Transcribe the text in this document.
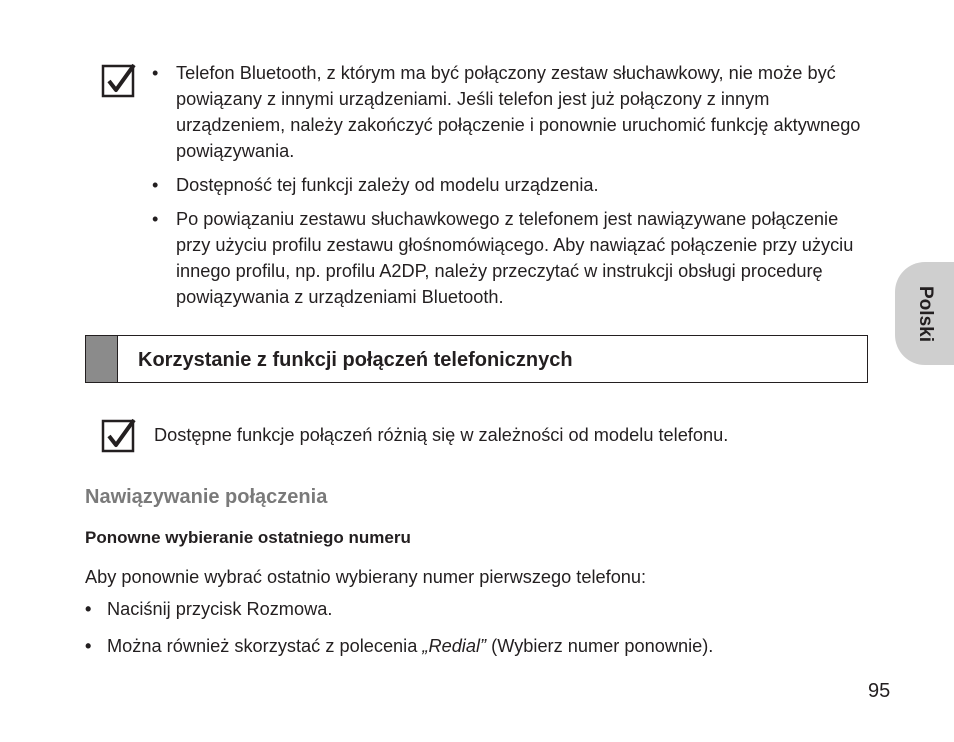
• Telefon Bluetooth, z którym ma być połączony zestaw słuchawkowy, nie może być powiązany z innymi urządzeniami. Jeśli telefon jest już połączony z innym urządzeniem, należy zakończyć połączenie i ponownie uruchomić funkcję aktywnego powiązywania.
• Dostępność tej funkcji zależy od modelu urządzenia.
• Po powiązaniu zestawu słuchawkowego z telefonem jest nawiązywane połączenie przy użyciu profilu zestawu głośnomówiącego. Aby nawiązać połączenie przy użyciu innego profilu, np. profilu A2DP, należy przeczytać w instrukcji obsługi procedurę powiązywania z urządzeniami Bluetooth.
Korzystanie z funkcji połączeń telefonicznych
Dostępne funkcje połączeń różnią się w zależności od modelu telefonu.
Nawiązywanie połączenia
Ponowne wybieranie ostatniego numeru
Aby ponownie wybrać ostatnio wybierany numer pierwszego telefonu:
• Naciśnij przycisk Rozmowa.
• Można również skorzystać z polecenia „Redial” (Wybierz numer ponownie).
Polski
95
